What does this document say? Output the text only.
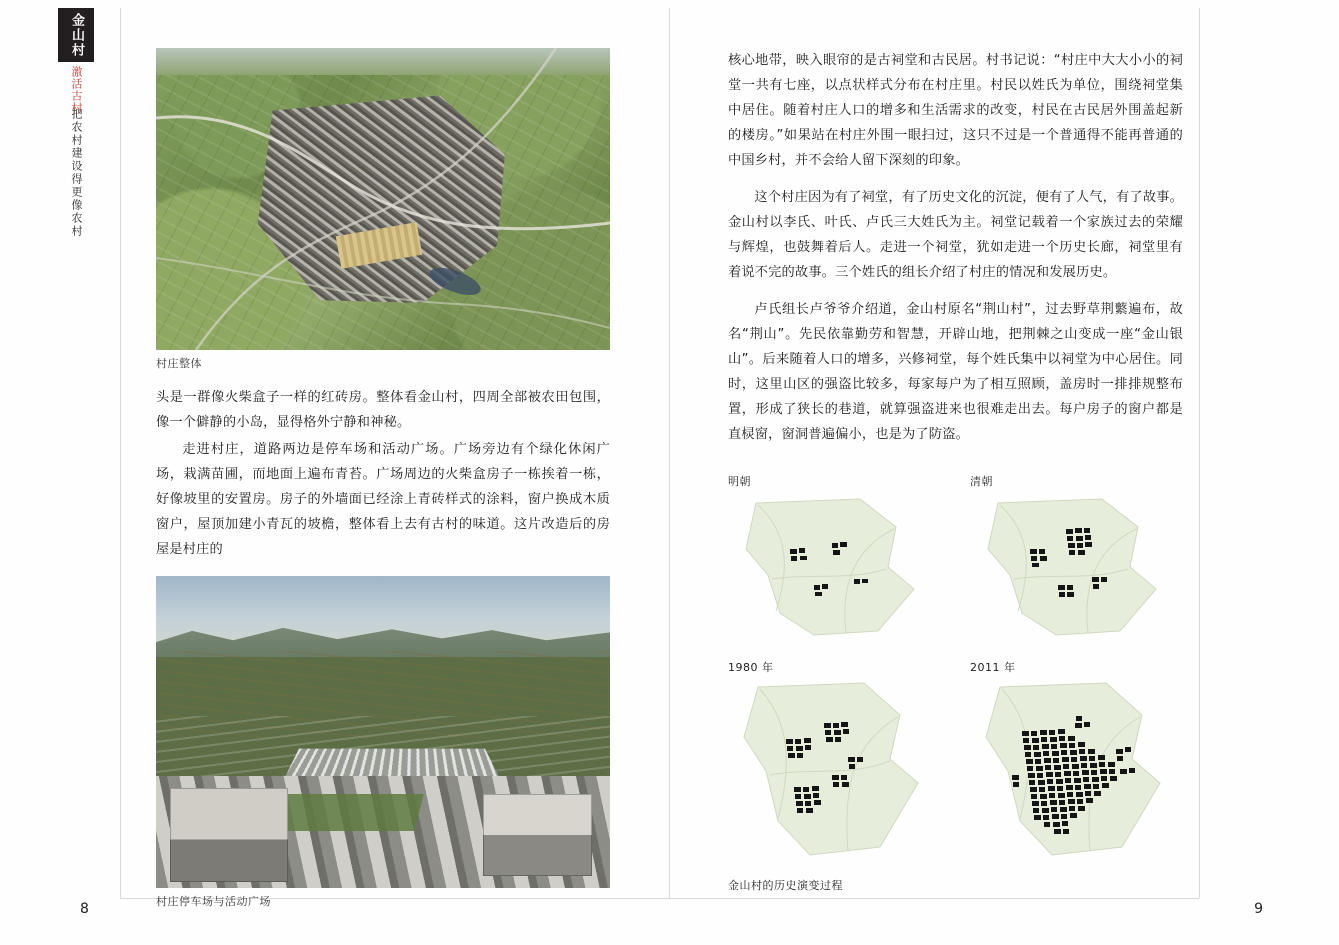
金山村
激活古村
把农村建设得更像农村
村庄整体

头是一群像火柴盒子一样的红砖房。整体看金山村，四周全部被农田包围，像一个僻静的小岛，显得格外宁静和神秘。

走进村庄，道路两边是停车场和活动广场。广场旁边有个绿化休闲广场，栽满苗圃，而地面上遍布青苔。广场周边的火柴盒房子一栋挨着一栋，好像坡里的安置房。房子的外墙面已经涂上青砖样式的涂料，窗户换成木质窗户，屋顶加建小青瓦的坡檐，整体看上去有古村的味道。这片改造后的房屋是村庄的

村庄停车场与活动广场

核心地带，映入眼帘的是古祠堂和古民居。村书记说：“村庄中大大小小的祠堂一共有七座，以点状样式分布在村庄里。村民以姓氏为单位，围绕祠堂集中居住。随着村庄人口的增多和生活需求的改变，村民在古民居外围盖起新的楼房。”如果站在村庄外围一眼扫过，这只不过是一个普通得不能再普通的中国乡村，并不会给人留下深刻的印象。

这个村庄因为有了祠堂，有了历史文化的沉淀，便有了人气，有了故事。金山村以李氏、叶氏、卢氏三大姓氏为主。祠堂记载着一个家族过去的荣耀与辉煌，也鼓舞着后人。走进一个祠堂，犹如走进一个历史长廊，祠堂里有着说不完的故事。三个姓氏的组长介绍了村庄的情况和发展历史。

卢氏组长卢爷爷介绍道，金山村原名“荆山村”，过去野草荆蘩遍布，故名“荆山”。先民依靠勤劳和智慧，开辟山地，把荆棘之山变成一座“金山银山”。后来随着人口的增多，兴修祠堂，每个姓氏集中以祠堂为中心居住。同时，这里山区的强盗比较多，每家每户为了相互照顾，盖房时一排排规整布置，形成了狭长的巷道，就算强盗进来也很难走出去。每户房子的窗户都是直棂窗，窗洞普遍偏小，也是为了防盗。

明朝	清朝
1980 年	2011 年
金山村的历史演变过程
8	9
